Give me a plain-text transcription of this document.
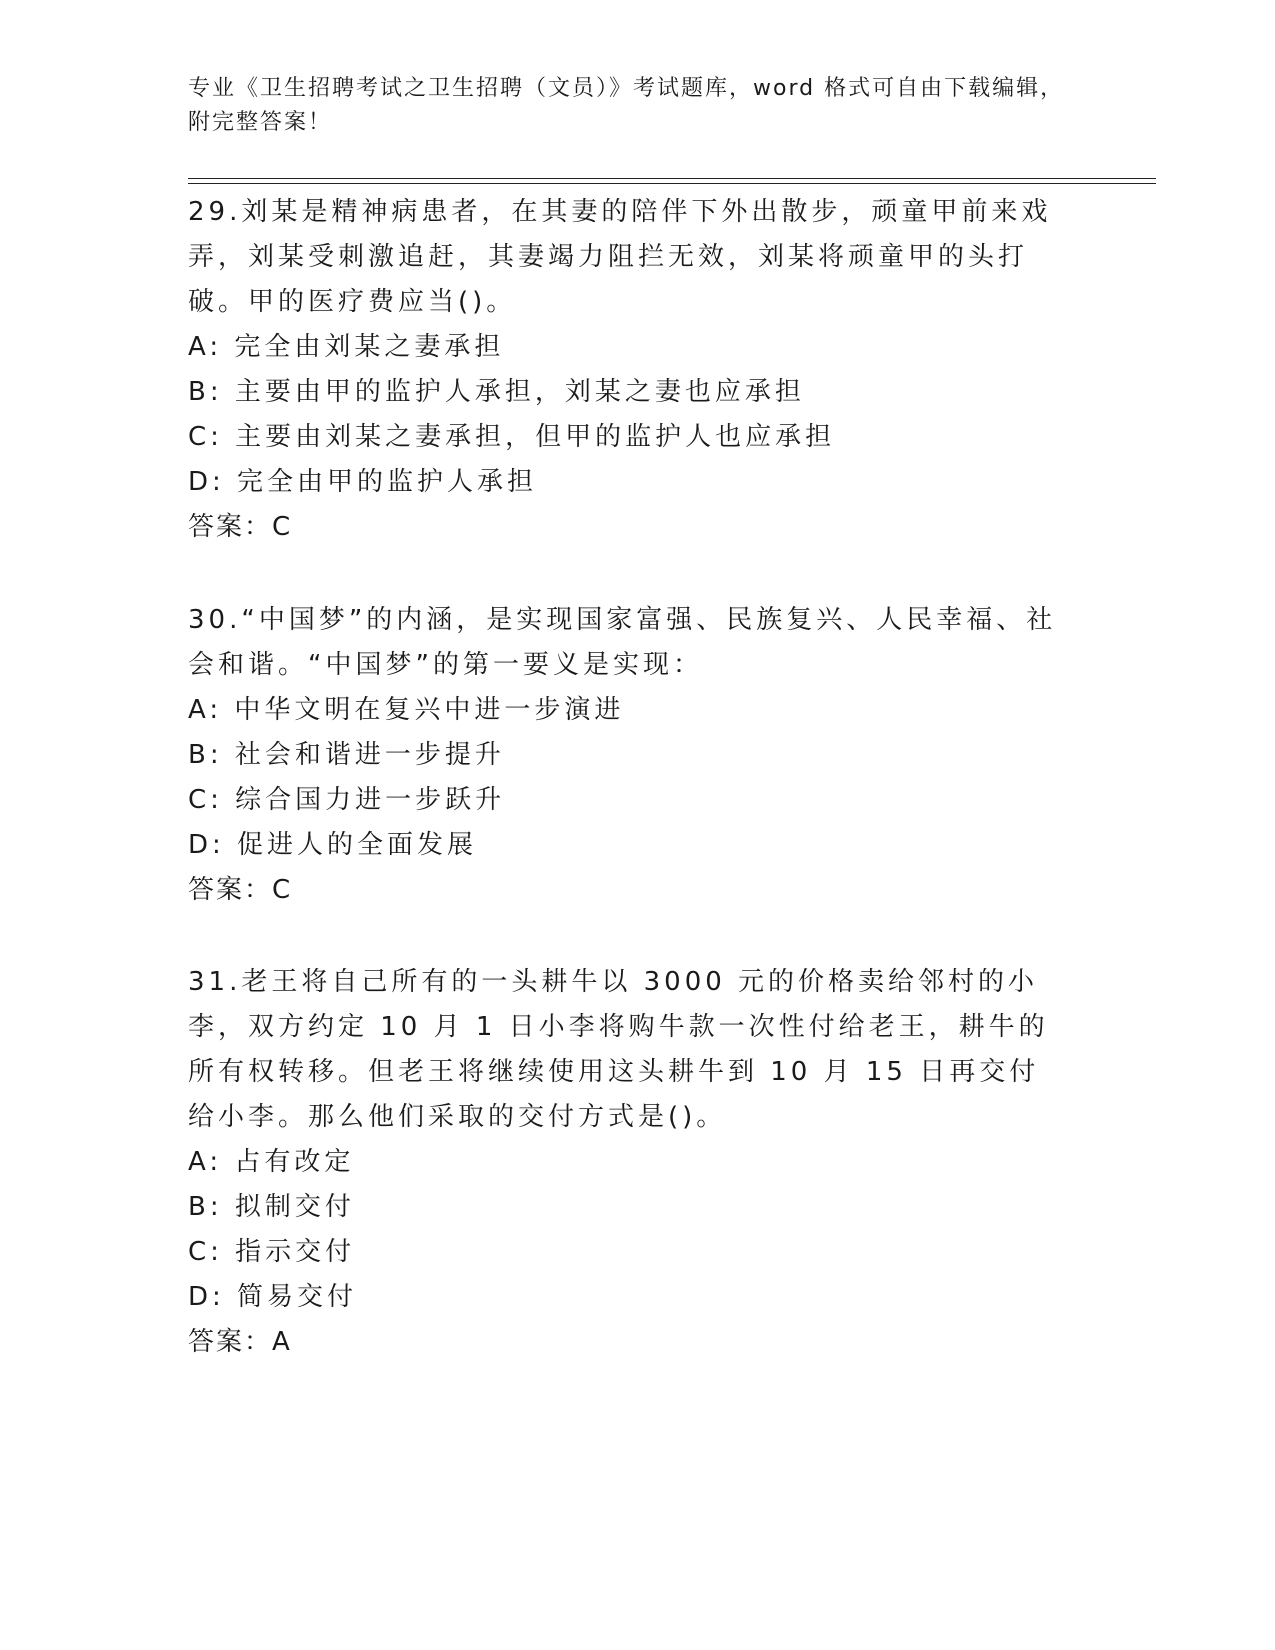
专业《卫生招聘考试之卫生招聘（文员）》考试题库，word 格式可自由下载编辑，附完整答案！
29.刘某是精神病患者，在其妻的陪伴下外出散步，顽童甲前来戏弄，刘某受刺激追赶，其妻竭力阻拦无效，刘某将顽童甲的头打破。甲的医疗费应当()。
A: 完全由刘某之妻承担
B: 主要由甲的监护人承担，刘某之妻也应承担
C: 主要由刘某之妻承担，但甲的监护人也应承担
D: 完全由甲的监护人承担
答案：C
30.“中国梦”的内涵，是实现国家富强、民族复兴、人民幸福、社会和谐。“中国梦”的第一要义是实现：
A: 中华文明在复兴中进一步演进
B: 社会和谐进一步提升
C: 综合国力进一步跃升
D: 促进人的全面发展
答案：C
31.老王将自己所有的一头耕牛以 3000 元的价格卖给邻村的小李，双方约定 10 月 1 日小李将购牛款一次性付给老王，耕牛的所有权转移。但老王将继续使用这头耕牛到 10 月 15 日再交付给小李。那么他们采取的交付方式是()。
A: 占有改定
B: 拟制交付
C: 指示交付
D: 简易交付
答案：A
